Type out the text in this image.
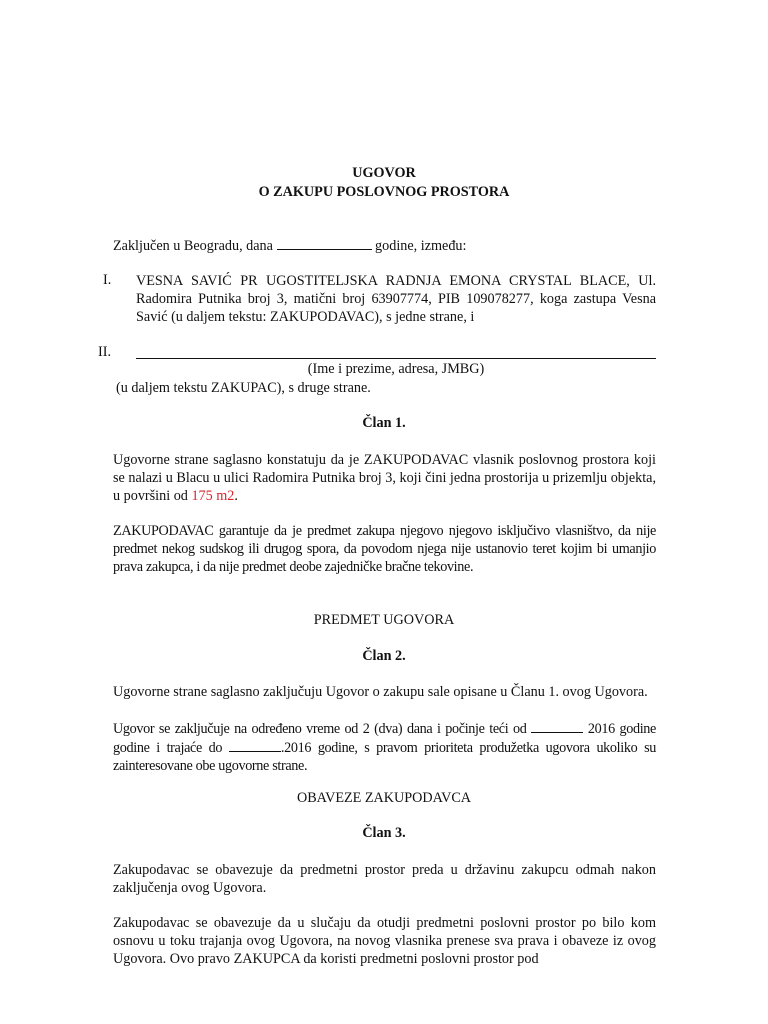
UGOVOR
O ZAKUPU POSLOVNOG PROSTORA
Zaključen u Beogradu, dana	godine, između:
I. VESNA SAVIĆ PR UGOSTITELJSKA RADNJA EMONA CRYSTAL BLACE, Ul. Radomira Putnika broj 3, matični broj 63907774, PIB 109078277, koga zastupa Vesna Savić (u daljem tekstu: ZAKUPODAVAC), s jedne strane, i
II.
(Ime i prezime, adresa, JMBG)
(u daljem tekstu ZAKUPAC), s druge strane.
Član 1.
Ugovorne strane saglasno konstatuju da je ZAKUPODAVAC vlasnik poslovnog prostora koji se nalazi u Blacu u ulici Radomira Putnika broj 3, koji čini jedna prostorija u prizemlju objekta, u površini od 175 m2.
ZAKUPODAVAC garantuje da je predmet zakupa njegovo njegovo isključivo vlasništvo, da nije predmet nekog sudskog ili drugog spora, da povodom njega nije ustanovio teret kojim bi umanjio prava zakupca, i da nije predmet deobe zajedničke bračne tekovine.
PREDMET UGOVORA
Član 2.
Ugovorne strane saglasno zaključuju Ugovor o zakupu sale opisane u Članu 1. ovog Ugovora.
Ugovor se zaključuje na određeno vreme od 2 (dva) dana i počinje teći od	2016 godine godine i trajaće do	.2016 godine, s pravom prioriteta produžetka ugovora ukoliko su zainteresovane obe ugovorne strane.
OBAVEZE ZAKUPODAVCA
Član 3.
Zakupodavac se obavezuje da predmetni prostor preda u državinu zakupcu odmah nakon zaključenja ovog Ugovora.
Zakupodavac se obavezuje da u slučaju da otudji predmetni poslovni prostor po bilo kom osnovu u toku trajanja ovog Ugovora, na novog vlasnika prenese sva prava i obaveze iz ovog Ugovora. Ovo pravo ZAKUPCA da koristi predmetni poslovni prostor pod
